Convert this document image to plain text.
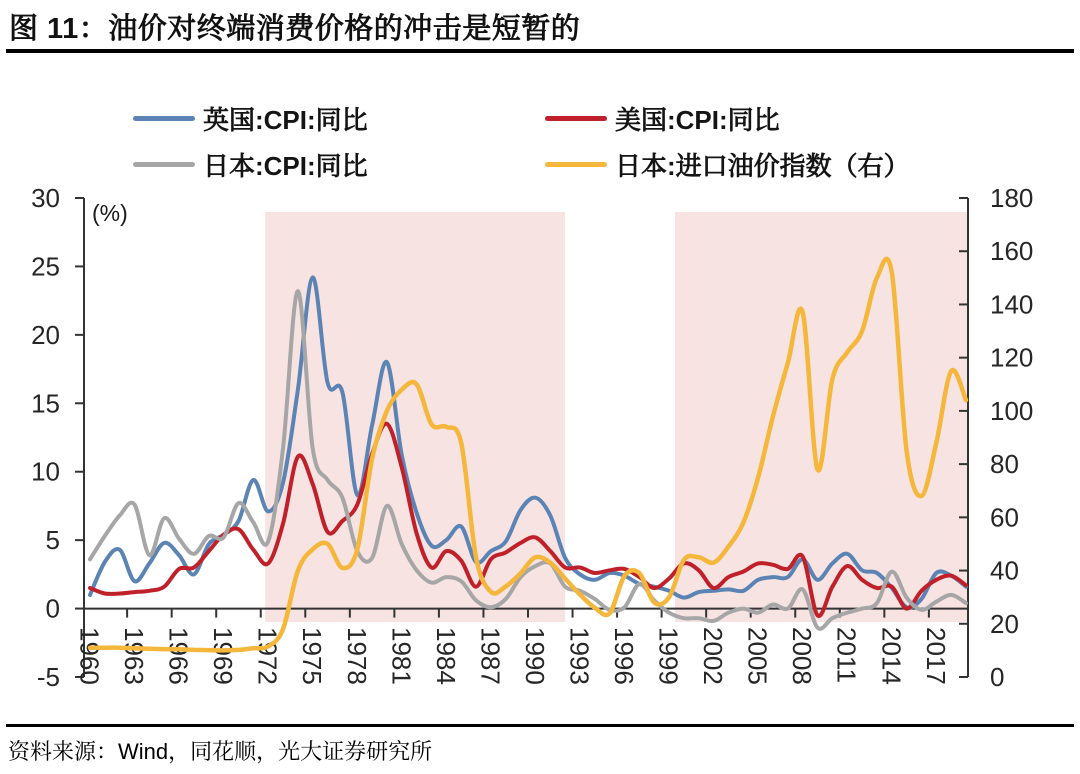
图 11：油价对终端消费价格的冲击是短暂的
英国:CPI:同比	美国:CPI:同比
日本:CPI:同比	日本:进口油价指数（右）
(%)
30
25
20
15
10
5
0
-5
180
160
140
120
100
80
60
40
20
0
1960 1963 1966 1969 1972 1975 1978 1981 1984 1987 1990 1993 1996 1999 2002 2005 2008 2011 2014 2017
资料来源：Wind，同花顺，光大证券研究所
